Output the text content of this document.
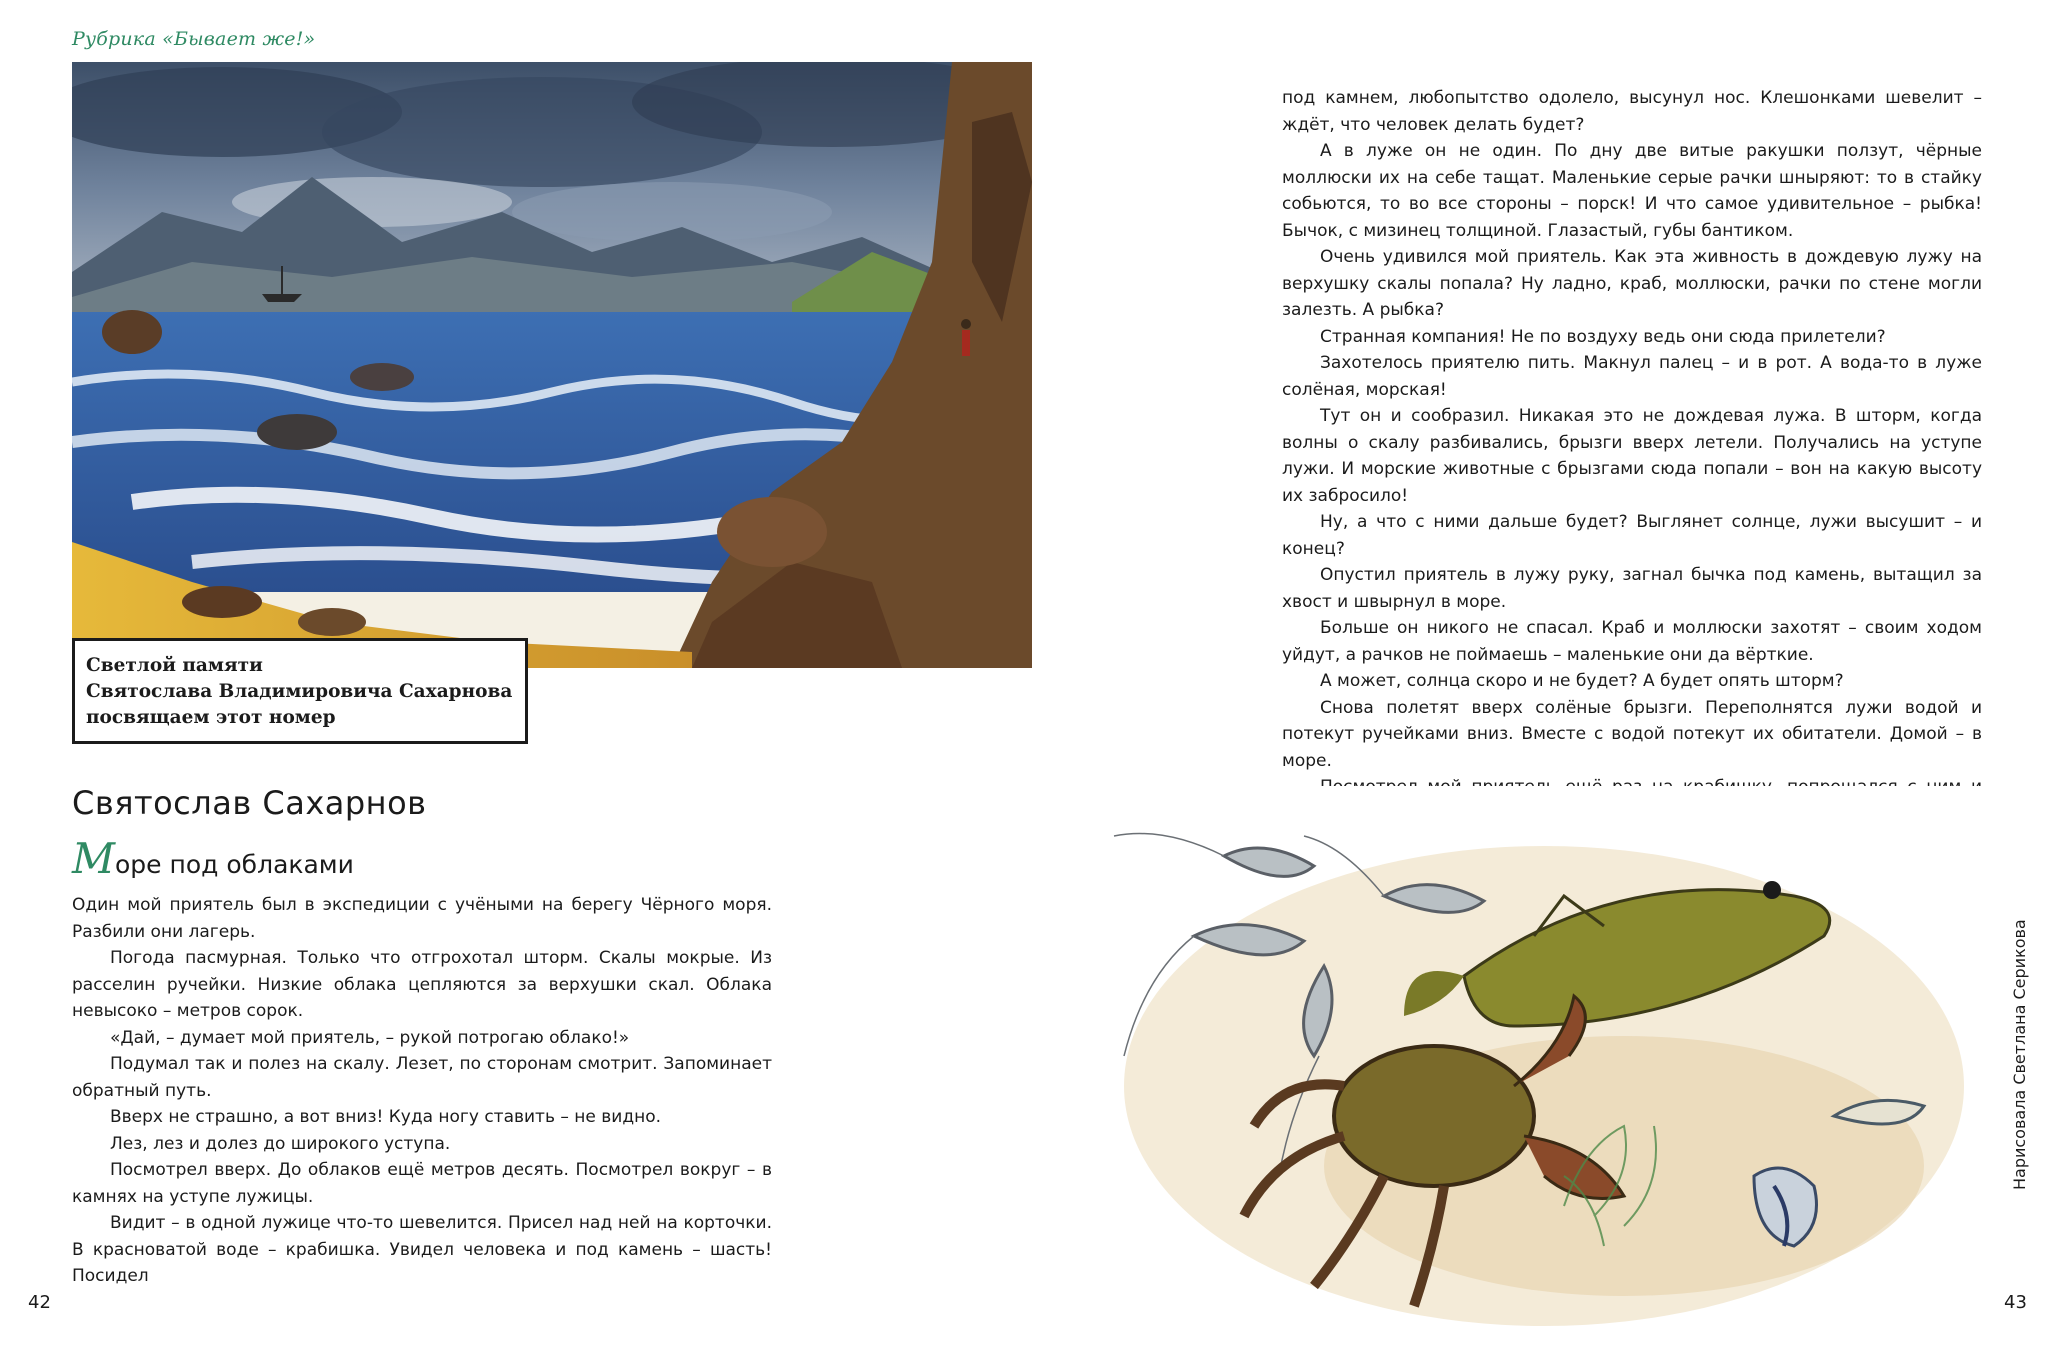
Рубрика «Бывает же!»
Светлой памяти
Святослава Владимировича Сахарнова
посвящаем этот номер
Святослав Сахарнов
Море под облаками

Один мой приятель был в экспедиции с учёными на берегу Чёрного моря. Разбили они лагерь.

Погода пасмурная. Только что отгрохотал шторм. Скалы мокрые. Из расселин ручейки. Низкие облака цепляются за верхушки скал. Облака невысоко – метров сорок.

«Дай, – думает мой приятель, – рукой потрогаю облако!»

Подумал так и полез на скалу. Лезет, по сторонам смотрит. Запоминает обратный путь.

Вверх не страшно, а вот вниз! Куда ногу ставить – не видно.

Лез, лез и долез до широкого уступа.

Посмотрел вверх. До облаков ещё метров десять. Посмотрел вокруг – в камнях на уступе лужицы.

Видит – в одной лужице что-то шевелится. Присел над ней на корточки. В красноватой воде – крабишка. Увидел человека и под камень – шасть! Посидел

под камнем, любопытство одолело, высунул нос. Клешонками шевелит – ждёт, что человек делать будет?

А в луже он не один. По дну две витые ракушки ползут, чёрные моллюски их на себе тащат. Маленькие серые рачки шныряют: то в стайку собьются, то во все стороны – порск! И что самое удивительное – рыбка! Бычок, с мизинец толщиной. Глазастый, губы бантиком.

Очень удивился мой приятель. Как эта живность в дождевую лужу на верхушку скалы попала? Ну ладно, краб, моллюски, рачки по стене могли залезть. А рыбка?

Странная компания! Не по воздуху ведь они сюда прилетели?

Захотелось приятелю пить. Макнул палец – и в рот. А вода-то в луже солёная, морская!

Тут он и сообразил. Никакая это не дождевая лужа. В шторм, когда волны о скалу разбивались, брызги вверх летели. Получались на уступе лужи. И морские животные с брызгами сюда попали – вон на какую высоту их забросило!

Ну, а что с ними дальше будет? Выглянет солнце, лужи высушит – и конец?

Опустил приятель в лужу руку, загнал бычка под камень, вытащил за хвост и швырнул в море.

Больше он никого не спасал. Краб и моллюски захотят – своим ходом уйдут, а рачков не поймаешь – маленькие они да вёрткие.

А может, солнца скоро и не будет? А будет опять шторм?

Снова полетят вверх солёные брызги. Переполнятся лужи водой и потекут ручейками вниз. Вместе с водой потекут их обитатели. Домой – в море.

Нарисовала Светлана Серикова
42	43
